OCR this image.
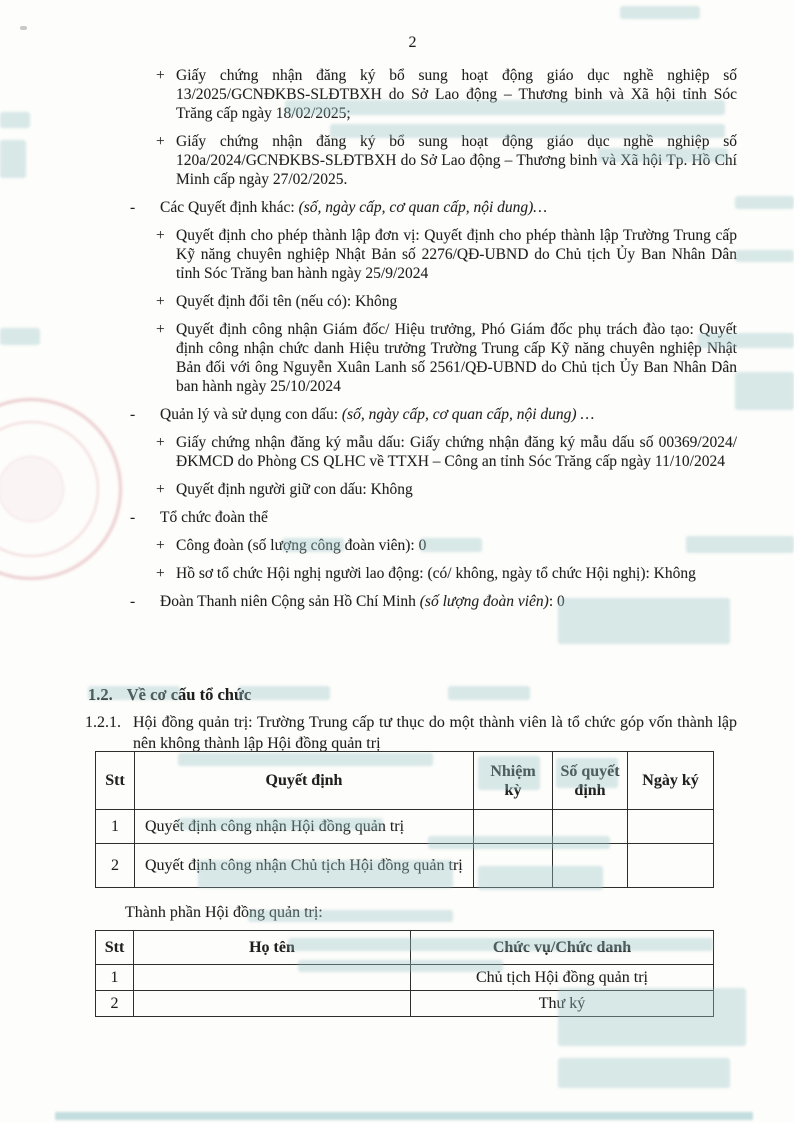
2
+ Giấy chứng nhận đăng ký bổ sung hoạt động giáo dục nghề nghiệp số 13/2025/GCNĐKBS-SLĐTBXH do Sở Lao động – Thương binh và Xã hội tỉnh Sóc Trăng cấp ngày 18/02/2025;
+ Giấy chứng nhận đăng ký bổ sung hoạt động giáo dục nghề nghiệp số 120a/2024/GCNĐKBS-SLĐTBXH do Sở Lao động – Thương binh và Xã hội Tp. Hồ Chí Minh cấp ngày 27/02/2025.
- Các Quyết định khác: (số, ngày cấp, cơ quan cấp, nội dung)…
+ Quyết định cho phép thành lập đơn vị: Quyết định cho phép thành lập Trường Trung cấp Kỹ năng chuyên nghiệp Nhật Bản số 2276/QĐ-UBND do Chủ tịch Ủy Ban Nhân Dân tỉnh Sóc Trăng ban hành ngày 25/9/2024
+ Quyết định đổi tên (nếu có): Không
+ Quyết định công nhận Giám đốc/ Hiệu trưởng, Phó Giám đốc phụ trách đào tạo: Quyết định công nhận chức danh Hiệu trưởng Trường Trung cấp Kỹ năng chuyên nghiệp Nhật Bản đối với ông Nguyễn Xuân Lanh số 2561/QĐ-UBND do Chủ tịch Ủy Ban Nhân Dân ban hành ngày 25/10/2024
- Quản lý và sử dụng con dấu: (số, ngày cấp, cơ quan cấp, nội dung) …
+ Giấy chứng nhận đăng ký mẫu dấu: Giấy chứng nhận đăng ký mẫu dấu số 00369/2024/ĐKMCD do Phòng CS QLHC về TTXH – Công an tỉnh Sóc Trăng cấp ngày 11/10/2024
+ Quyết định người giữ con dấu: Không
- Tổ chức đoàn thể
+ Công đoàn (số lượng công đoàn viên): 0
+ Hồ sơ tổ chức Hội nghị người lao động: (có/ không, ngày tổ chức Hội nghị): Không
- Đoàn Thanh niên Cộng sản Hồ Chí Minh (số lượng đoàn viên): 0
1.2. Về cơ cấu tổ chức
1.2.1. Hội đồng quản trị: Trường Trung cấp tư thục do một thành viên là tổ chức góp vốn thành lập nên không thành lập Hội đồng quản trị
Stt	Quyết định	Nhiệm kỳ	Số quyết định	Ngày ký
1	Quyết định công nhận Hội đồng quản trị			
2	Quyết định công nhận Chủ tịch Hội đồng quản trị			
Thành phần Hội đồng quản trị:
Stt	Họ tên	Chức vụ/Chức danh
1		Chủ tịch Hội đồng quản trị
2		Thư ký
